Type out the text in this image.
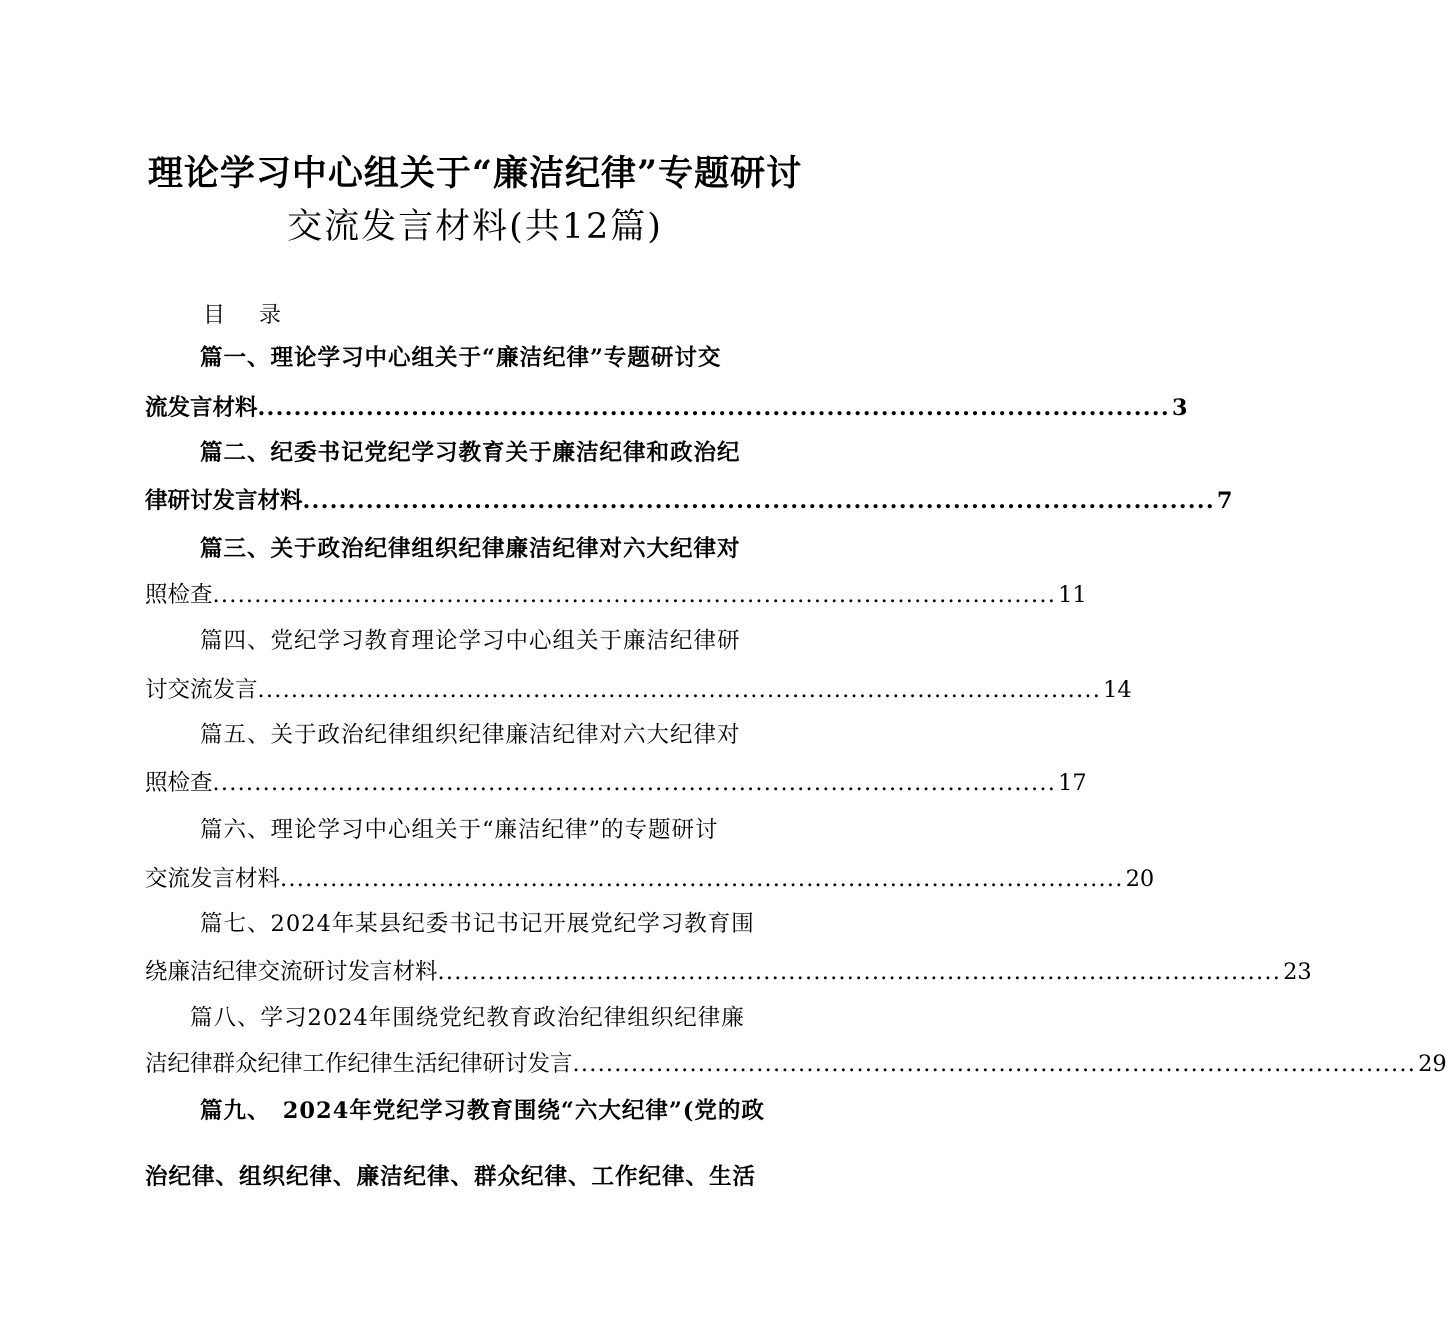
理论学习中心组关于“廉洁纪律”专题研讨
交流发言材料(共12篇)
目 录
篇一、理论学习中心组关于“廉洁纪律”专题研讨交
流发言材料 ..................................................................................................... 3
篇二、纪委书记党纪学习教育关于廉洁纪律和政治纪
律研讨发言材料 ..................................................................................................... 7
篇三、关于政治纪律组织纪律廉洁纪律对六大纪律对
照检查 ..................................................................................................... 11
篇四、党纪学习教育理论学习中心组关于廉洁纪律研
讨交流发言 ..................................................................................................... 14
篇五、关于政治纪律组织纪律廉洁纪律对六大纪律对
照检查 ..................................................................................................... 17
篇六、理论学习中心组关于“廉洁纪律”的专题研讨
交流发言材料 ..................................................................................................... 20
篇七、2024年某县纪委书记书记开展党纪学习教育围
绕廉洁纪律交流研讨发言材料 ..................................................................................................... 23
篇八、学习2024年围绕党纪教育政治纪律组织纪律廉
洁纪律群众纪律工作纪律生活纪律研讨发言 ..................................................................................................... 29
篇九、　2024年党纪学习教育围绕“六大纪律”(党的政
治纪律、组织纪律、廉洁纪律、群众纪律、工作纪律、生活
